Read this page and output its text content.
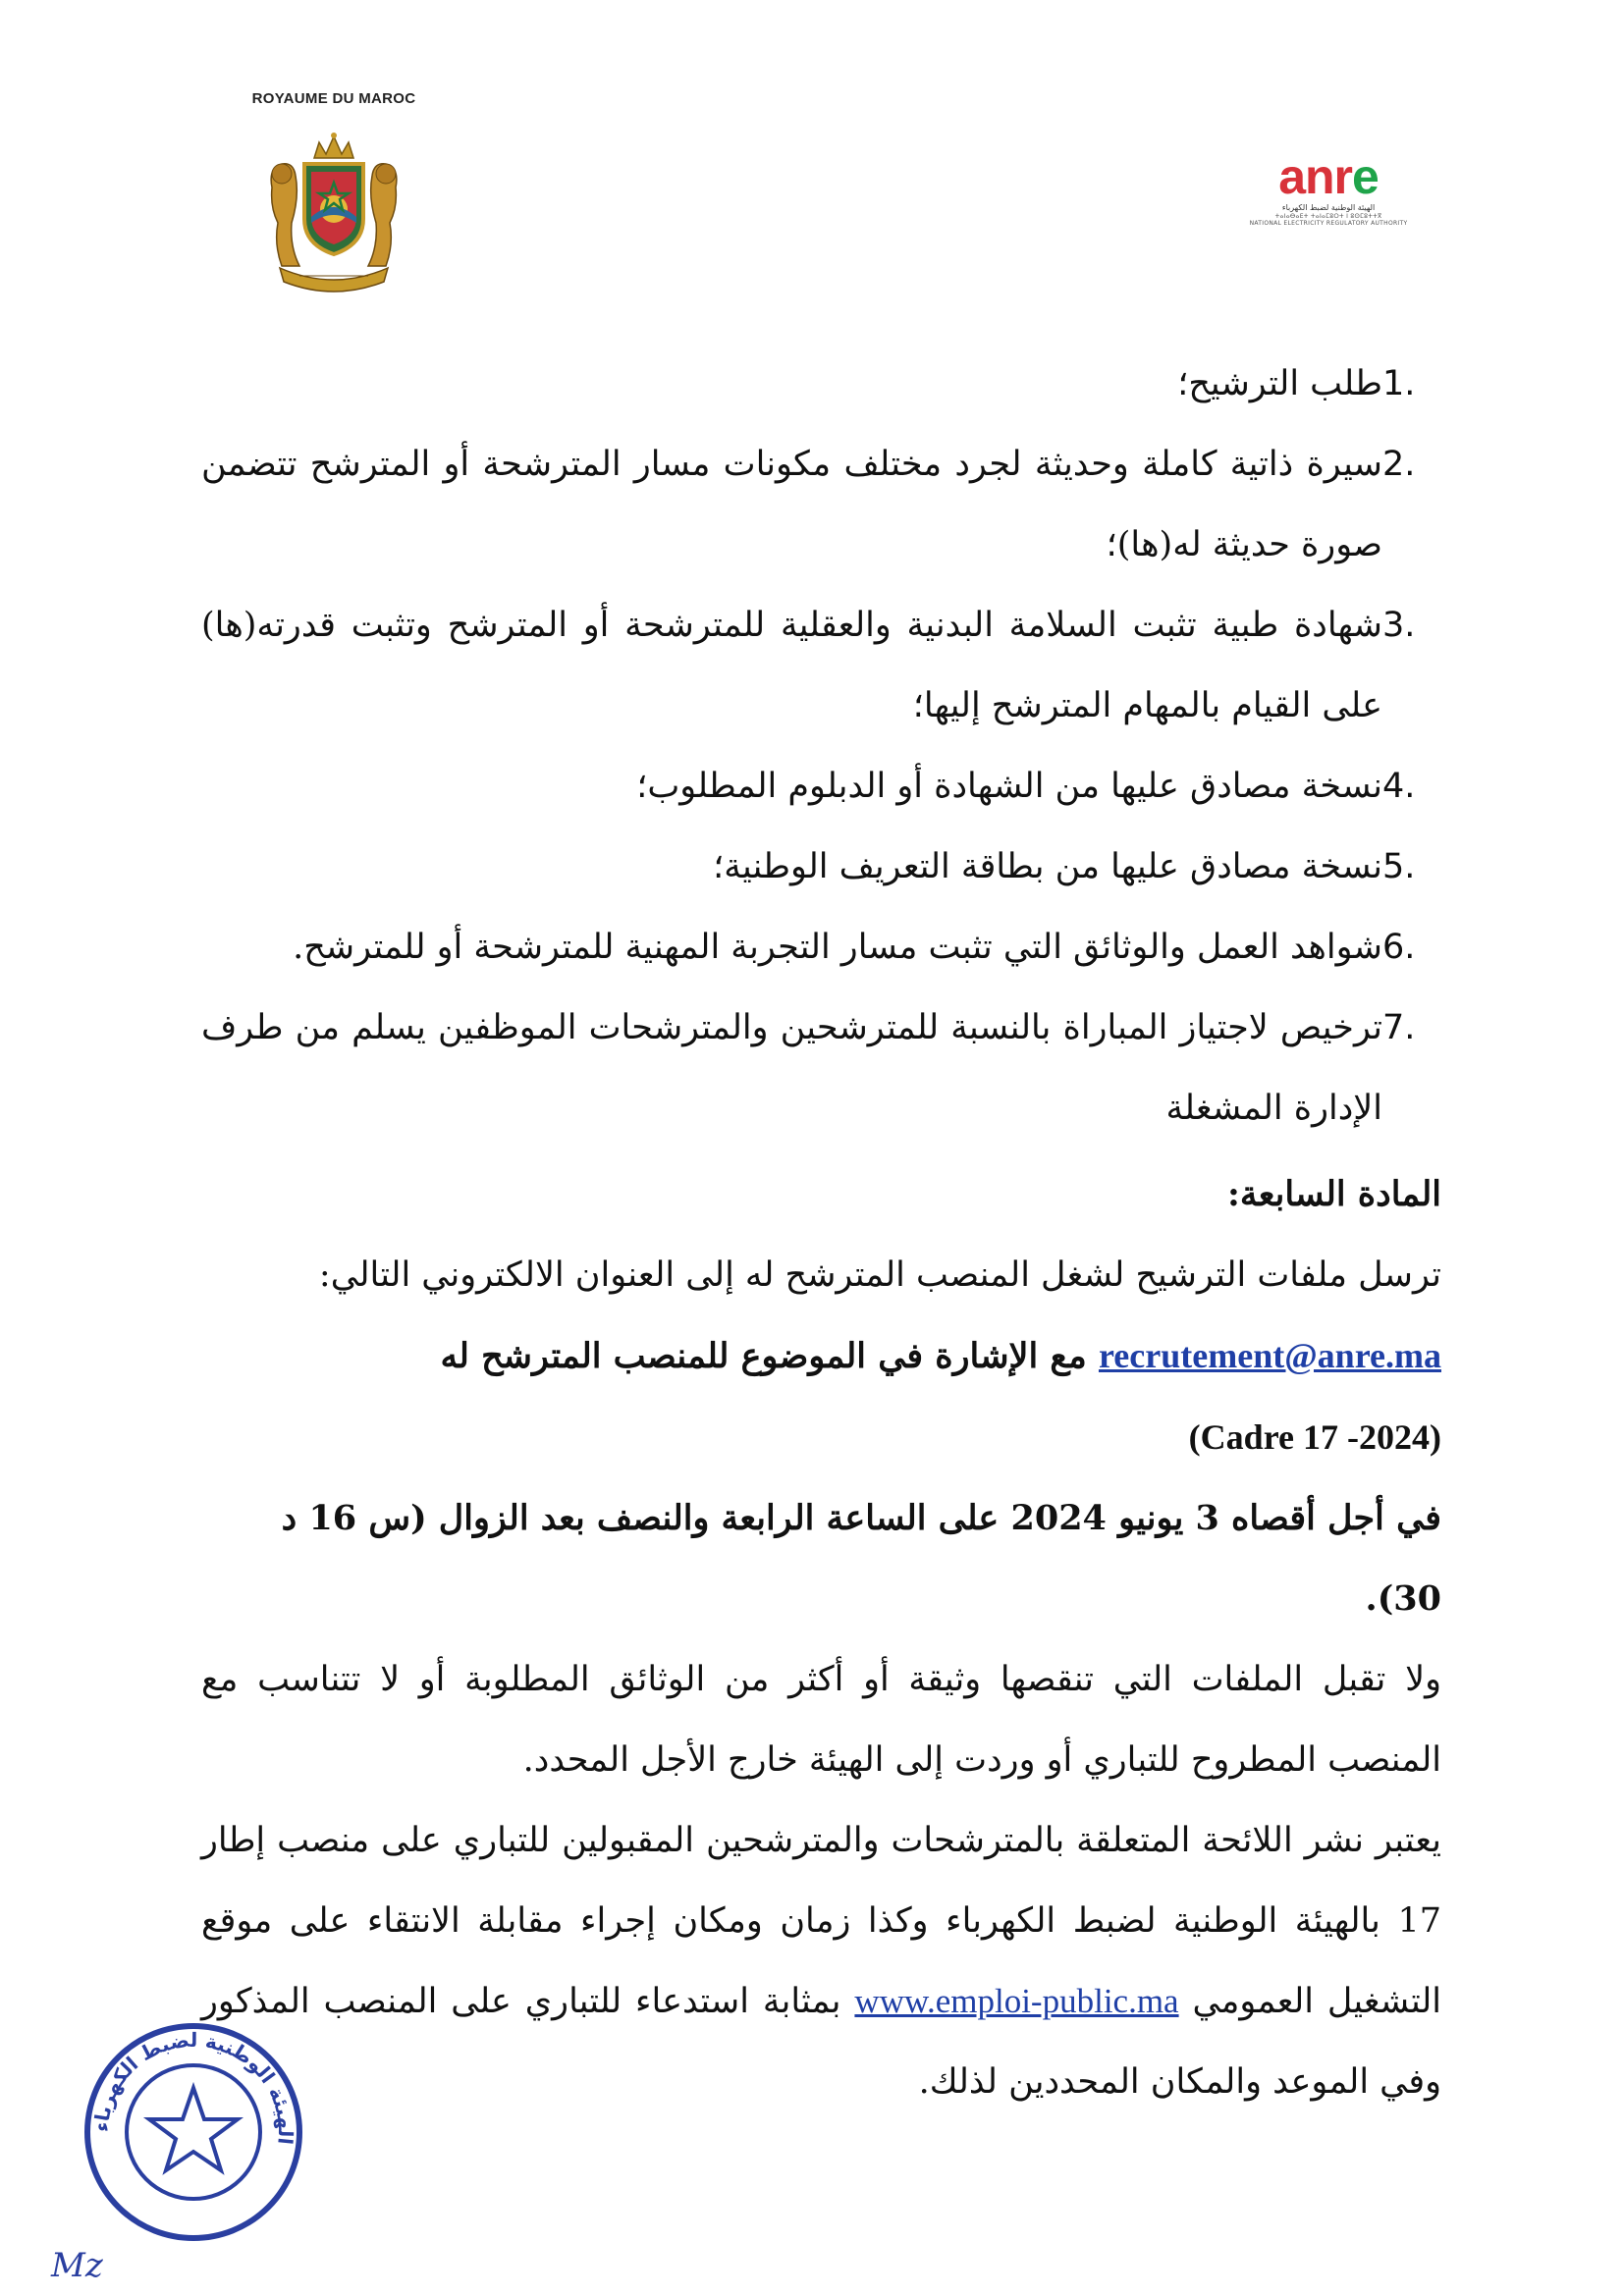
ROYAUME DU MAROC
anre
الهيئة الوطنية لضبط الكهرباء
ⵜⴰⵏⴰⴱⴰⴹⵜ ⵜⴰⵏⴰⵎⵓⵔⵜ ⵏ ⵓⵙⵎⵓⵜⵜⴳ
NATIONAL ELECTRICITY REGULATORY AUTHORITY
1.
طلب الترشيح؛
2.
سيرة ذاتية كاملة وحديثة لجرد مختلف مكونات مسار المترشحة أو المترشح تتضمن صورة حديثة له(ها)؛
3.
شهادة طبية تثبت السلامة البدنية والعقلية للمترشحة أو المترشح وتثبت قدرته(ها) على القيام بالمهام المترشح إليها؛
4.
نسخة مصادق عليها من الشهادة أو الدبلوم المطلوب؛
5.
نسخة مصادق عليها من بطاقة التعريف الوطنية؛
6.
شواهد العمل والوثائق التي تثبت مسار التجربة المهنية للمترشحة أو للمترشح.
7.
ترخيص لاجتياز المباراة بالنسبة للمترشحين والمترشحات الموظفين يسلم من طرف الإدارة المشغلة
المادة السابعة:
ترسل ملفات الترشيح لشغل المنصب المترشح له إلى العنوان الالكتروني التالي:
recrutement@anre.ma مع الإشارة في الموضوع للمنصب المترشح له
(Cadre 17 -2024)
في أجل أقصاه 3 يونيو 2024 على الساعة الرابعة والنصف بعد الزوال (س 16 د 30).
ولا تقبل الملفات التي تنقصها وثيقة أو أكثر من الوثائق المطلوبة أو لا تتناسب مع المنصب المطروح للتباري أو وردت إلى الهيئة خارج الأجل المحدد.
يعتبر نشر اللائحة المتعلقة بالمترشحات والمترشحين المقبولين للتباري على منصب إطار 17 بالهيئة الوطنية لضبط الكهرباء وكذا زمان ومكان إجراء مقابلة الانتقاء على موقع التشغيل العمومي www.emploi-public.ma بمثابة استدعاء للتباري على المنصب المذكور وفي الموعد والمكان المحددين لذلك.
الهيئة الوطنية لضبط الكهرباء
Mz
